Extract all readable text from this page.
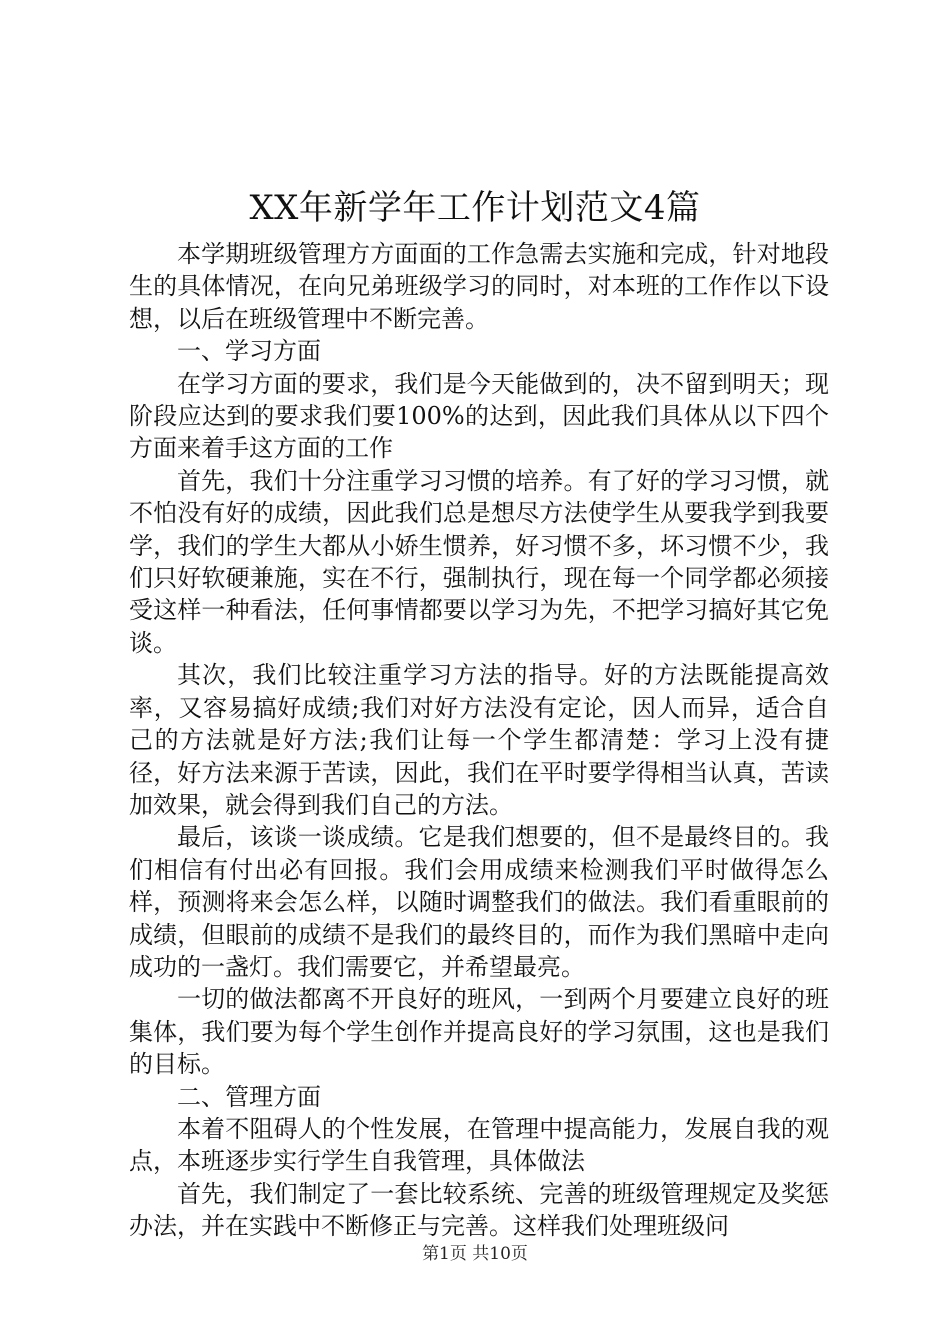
XX年新学年工作计划范文4篇

本学期班级管理方方面面的工作急需去实施和完成，针对地段生的具体情况，在向兄弟班级学习的同时，对本班的工作作以下设想，以后在班级管理中不断完善。

一、学习方面

在学习方面的要求，我们是今天能做到的，决不留到明天；现阶段应达到的要求我们要100%的达到，因此我们具体从以下四个方面来着手这方面的工作

首先，我们十分注重学习习惯的培养。有了好的学习习惯，就不怕没有好的成绩，因此我们总是想尽方法使学生从要我学到我要学，我们的学生大都从小娇生惯养，好习惯不多，坏习惯不少，我们只好软硬兼施，实在不行，强制执行，现在每一个同学都必须接受这样一种看法，任何事情都要以学习为先，不把学习搞好其它免谈。

其次，我们比较注重学习方法的指导。好的方法既能提高效率，又容易搞好成绩;我们对好方法没有定论，因人而异，适合自己的方法就是好方法;我们让每一个学生都清楚：学习上没有捷径，好方法来源于苦读，因此，我们在平时要学得相当认真，苦读加效果，就会得到我们自己的方法。

最后，该谈一谈成绩。它是我们想要的，但不是最终目的。我们相信有付出必有回报。我们会用成绩来检测我们平时做得怎么样，预测将来会怎么样，以随时调整我们的做法。我们看重眼前的成绩，但眼前的成绩不是我们的最终目的，而作为我们黑暗中走向成功的一盏灯。我们需要它，并希望最亮。

一切的做法都离不开良好的班风，一到两个月要建立良好的班集体，我们要为每个学生创作并提高良好的学习氛围，这也是我们的目标。

二、管理方面

本着不阻碍人的个性发展，在管理中提高能力，发展自我的观点，本班逐步实行学生自我管理，具体做法

首先，我们制定了一套比较系统、完善的班级管理规定及奖惩办法，并在实践中不断修正与完善。这样我们处理班级问

第1页 共10页
